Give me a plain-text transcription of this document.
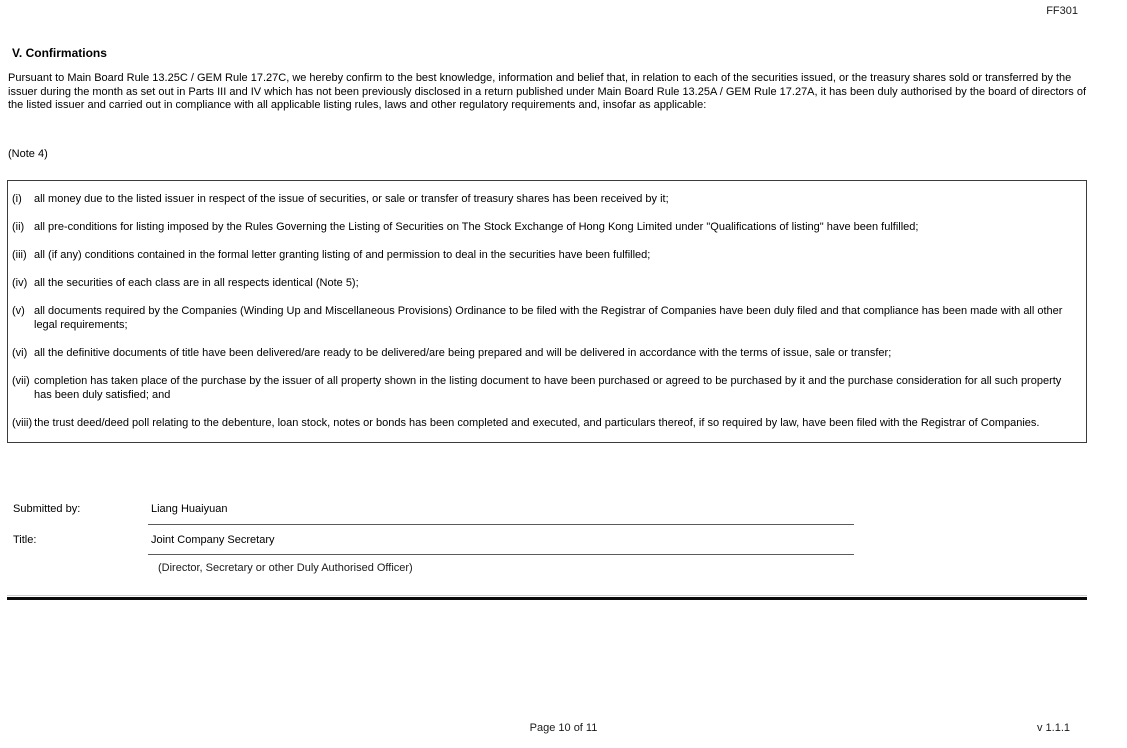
FF301
V. Confirmations
Pursuant to Main Board Rule 13.25C / GEM Rule 17.27C, we hereby confirm to the best knowledge, information and belief that, in relation to each of the securities issued, or the treasury shares sold or transferred by the issuer during the month as set out in Parts III and IV which has not been previously disclosed in a return published under Main Board Rule 13.25A / GEM Rule 17.27A, it has been duly authorised by the board of directors of the listed issuer and carried out in compliance with all applicable listing rules, laws and other regulatory requirements and, insofar as applicable:
(Note 4)
(i)	all money due to the listed issuer in respect of the issue of securities, or sale or transfer of treasury shares has been received by it;
(ii) all pre-conditions for listing imposed by the Rules Governing the Listing of Securities on The Stock Exchange of Hong Kong Limited under "Qualifications of listing" have been fulfilled;
(iii) all (if any) conditions contained in the formal letter granting listing of and permission to deal in the securities have been fulfilled;
(iv) all the securities of each class are in all respects identical (Note 5);
(v) all documents required by the Companies (Winding Up and Miscellaneous Provisions) Ordinance to be filed with the Registrar of Companies have been duly filed and that compliance has been made with all other legal requirements;
(vi) all the definitive documents of title have been delivered/are ready to be delivered/are being prepared and will be delivered in accordance with the terms of issue, sale or transfer;
(vii) completion has taken place of the purchase by the issuer of all property shown in the listing document to have been purchased or agreed to be purchased by it and the purchase consideration for all such property has been duly satisfied; and
(viii) the trust deed/deed poll relating to the debenture, loan stock, notes or bonds has been completed and executed, and particulars thereof, if so required by law, have been filed with the Registrar of Companies.
Submitted by:	Liang Huaiyuan
Title:	Joint Company Secretary
(Director, Secretary or other Duly Authorised Officer)
Page 10 of 11	v 1.1.1
